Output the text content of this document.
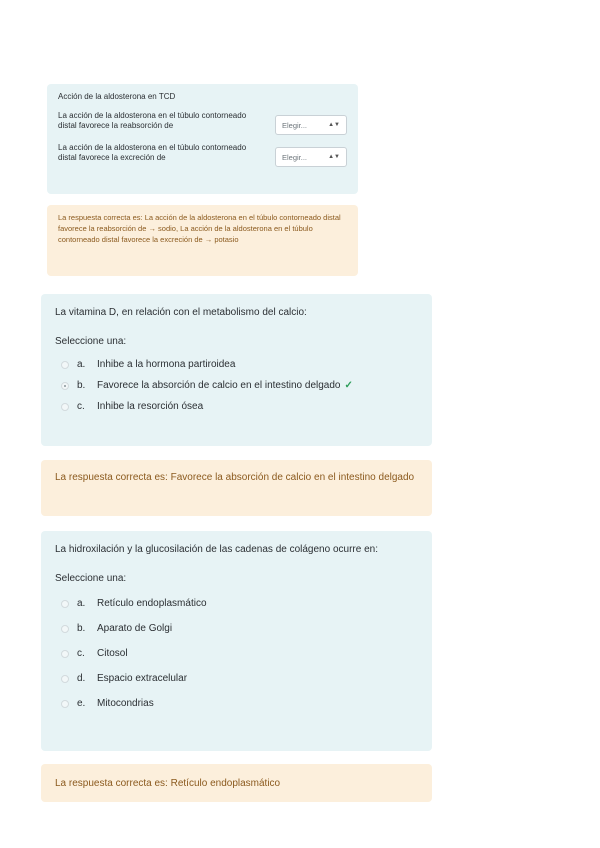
Acción de la aldosterona en TCD
La acción de la aldosterona en el túbulo contorneado distal favorece la reabsorción de	Elegir...	▲▼
La acción de la aldosterona en el túbulo contorneado distal favorece la excreción de	Elegir...	▲▼
La respuesta correcta es: La acción de la aldosterona en el túbulo contorneado distal favorece la reabsorción de → sodio, La acción de la aldosterona en el túbulo contorneado distal favorece la excreción de → potasio
La vitamina D, en relación con el metabolismo del calcio:
Seleccione una:
a.	Inhibe a la hormona partiroidea
b.	Favorece la absorción de calcio en el intestino delgado ✓
c.	Inhibe la resorción ósea
La respuesta correcta es: Favorece la absorción de calcio en el intestino delgado
La hidroxilación y la glucosilación de las cadenas de colágeno ocurre en:
Seleccione una:
a.	Retículo endoplasmático
b.	Aparato de Golgi
c.	Citosol
d.	Espacio extracelular
e.	Mitocondrias
La respuesta correcta es: Retículo endoplasmático
